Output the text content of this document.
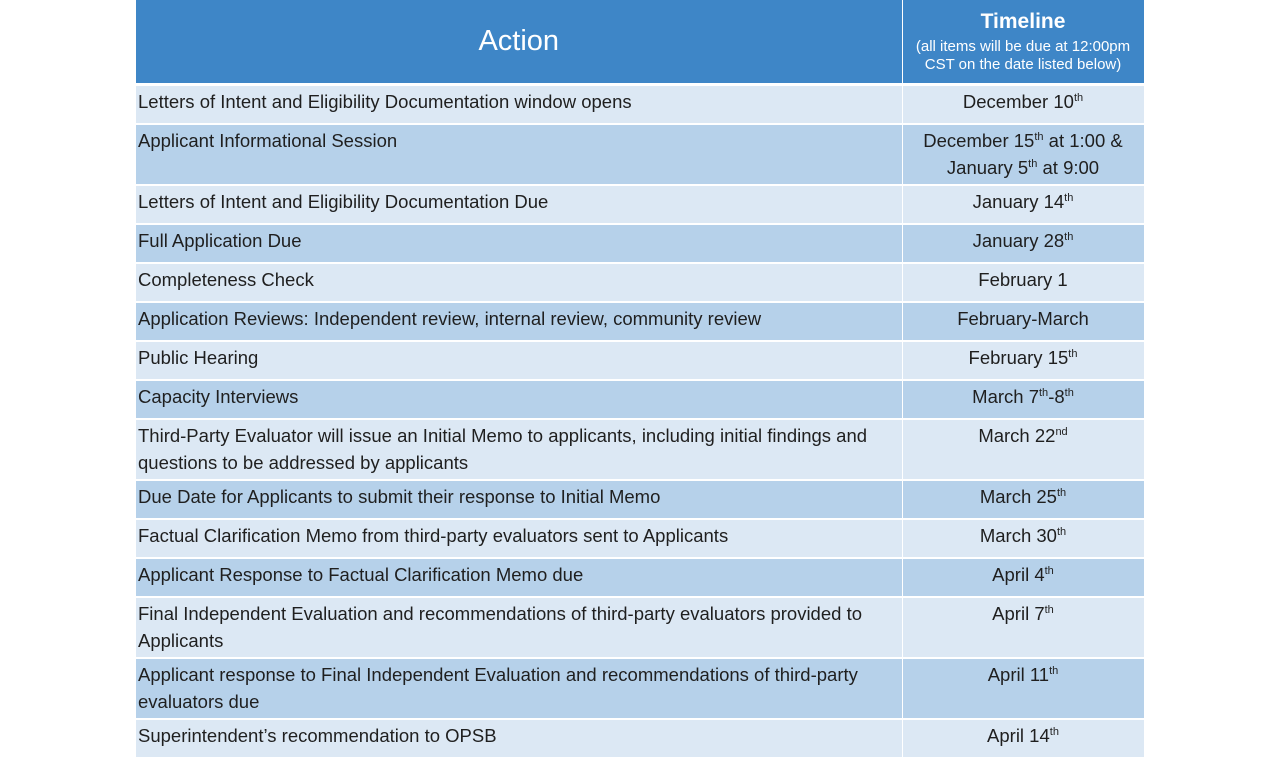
Action	Timeline
(all items will be due at 12:00pm CST on the date listed below)

Letters of Intent and Eligibility Documentation window opens	December 10th
Applicant Informational Session	December 15th at 1:00 &
January 5th at 9:00
Letters of Intent and Eligibility Documentation Due	January 14th
Full Application Due	January 28th
Completeness Check	February 1
Application Reviews: Independent review, internal review, community review	February-March
Public Hearing	February 15th
Capacity Interviews	March 7th-8th
Third-Party Evaluator will issue an Initial Memo to applicants, including initial findings and questions to be addressed by applicants	March 22nd
Due Date for Applicants to submit their response to Initial Memo	March 25th
Factual Clarification Memo from third-party evaluators sent to Applicants	March 30th
Applicant Response to Factual Clarification Memo due	April 4th
Final Independent Evaluation and recommendations of third-party evaluators provided to Applicants	April 7th
Applicant response to Final Independent Evaluation and recommendations of third-party evaluators due	April 11th
Superintendent’s recommendation to OPSB	April 14th
